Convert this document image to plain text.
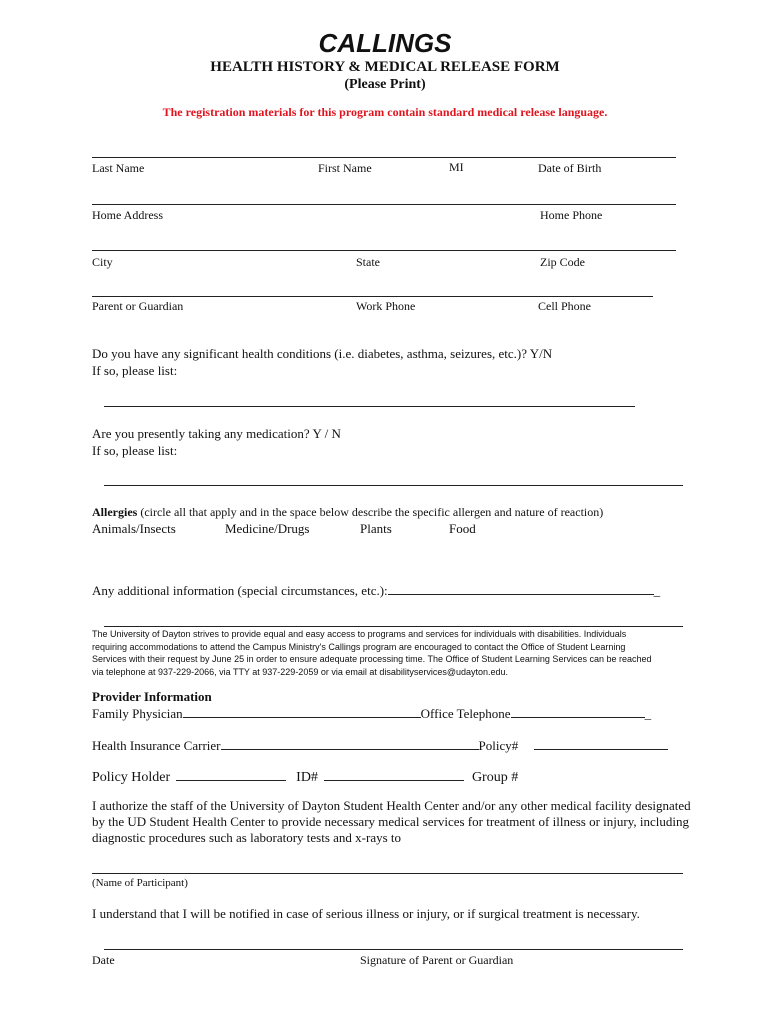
CALLINGS
HEALTH HISTORY & MEDICAL RELEASE FORM
(Please Print)
The registration materials for this program contain standard medical release language.
Last Name	First Name	MI	Date of Birth
Home Address	Home Phone
City	State	Zip Code
Parent or Guardian	Work Phone	Cell Phone
Do you have any significant health conditions (i.e. diabetes, asthma, seizures, etc.)? Y/N
If so, please list:
Are you presently taking any medication? Y / N
If so, please list:
Allergies (circle all that apply and in the space below describe the specific allergen and nature of reaction)
Animals/Insects	Medicine/Drugs	Plants	Food
Any additional information (special circumstances, etc.):	_
The University of Dayton strives to provide equal and easy access to programs and services for individuals with disabilities. Individuals requiring accommodations to attend the Campus Ministry's Callings program are encouraged to contact the Office of Student Learning Services with their request by June 25 in order to ensure adequate processing time. The Office of Student Learning Services can be reached via telephone at 937-229-2066, via TTY at 937-229-2059 or via email at disabilityservices@udayton.edu.
Provider Information
Family Physician	Office Telephone	_
Health Insurance Carrier	Policy#
Policy Holder	ID#	Group #
I authorize the staff of the University of Dayton Student Health Center and/or any other medical facility designated by the UD Student Health Center to provide necessary medical services for treatment of illness or injury, including diagnostic procedures such as laboratory tests and x-rays to
(Name of Participant)
I understand that I will be notified in case of serious illness or injury, or if surgical treatment is necessary.
Date	Signature of Parent or Guardian
